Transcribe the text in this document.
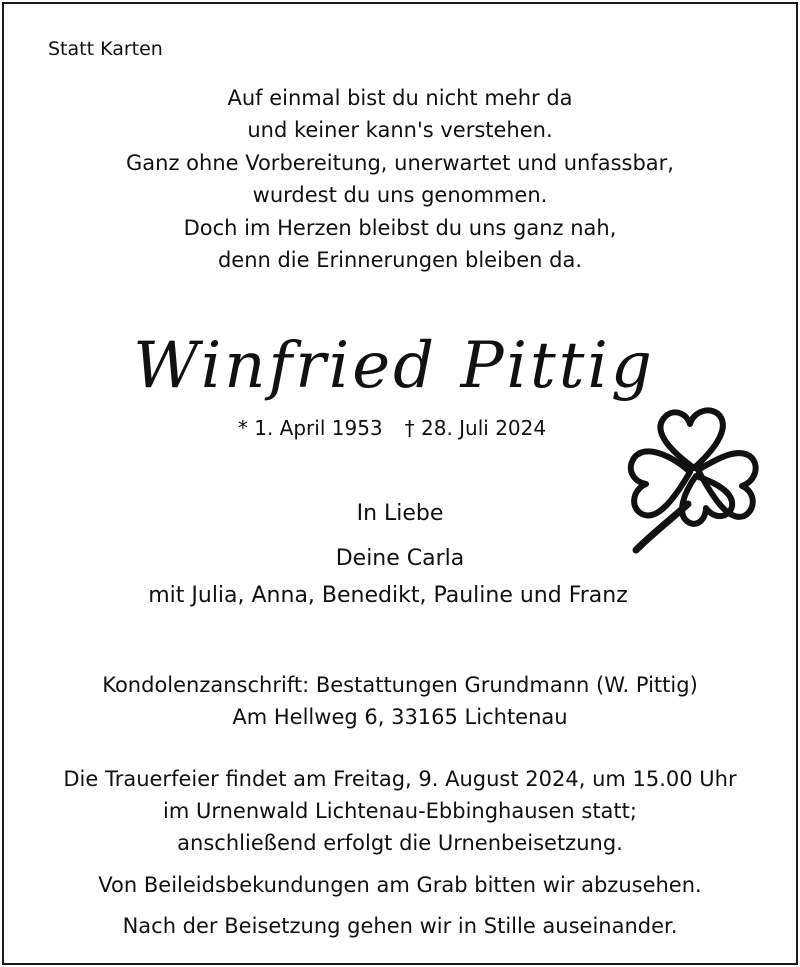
Statt Karten
Auf einmal bist du nicht mehr da
und keiner kann's verstehen.
Ganz ohne Vorbereitung, unerwartet und unfassbar,
wurdest du uns genommen.
Doch im Herzen bleibst du uns ganz nah,
denn die Erinnerungen bleiben da.
Winfried Pittig
* 1. April 1953 † 28. Juli 2024
In Liebe
Deine Carla
mit Julia, Anna, Benedikt, Pauline und Franz
Kondolenzanschrift: Bestattungen Grundmann (W. Pittig)
Am Hellweg 6, 33165 Lichtenau
Die Trauerfeier findet am Freitag, 9. August 2024, um 15.00 Uhr
im Urnenwald Lichtenau-Ebbinghausen statt;
anschließend erfolgt die Urnenbeisetzung.
Von Beileidsbekundungen am Grab bitten wir abzusehen.
Nach der Beisetzung gehen wir in Stille auseinander.
